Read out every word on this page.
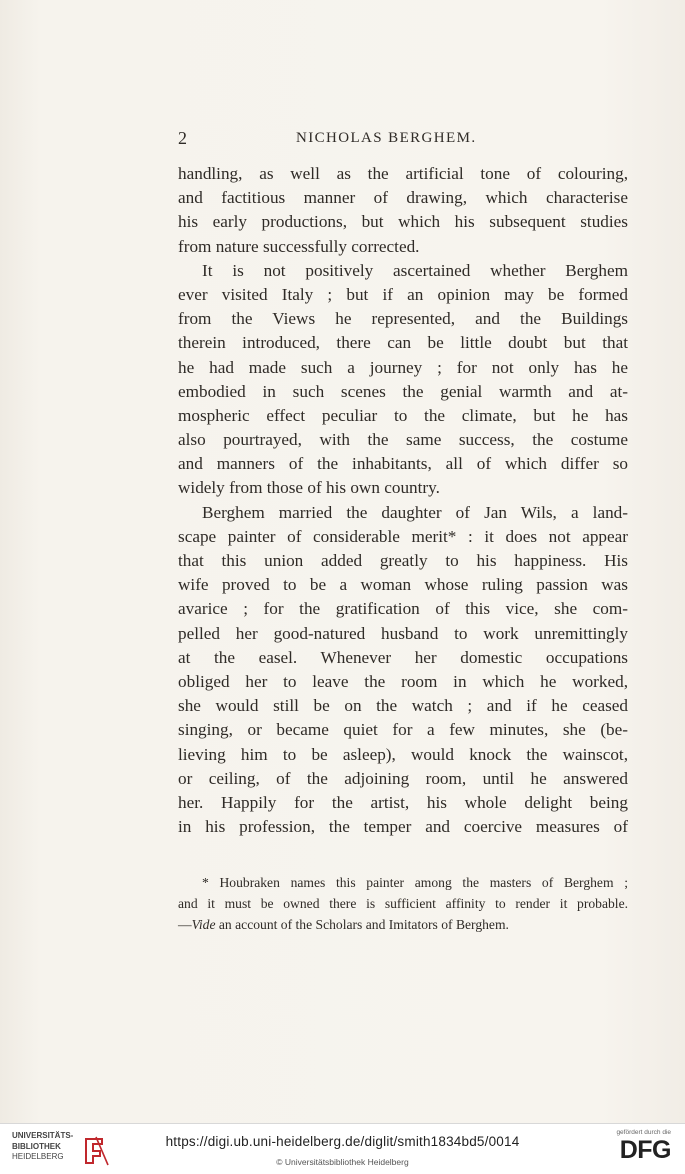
2	NICHOLAS BERGHEM.
handling, as well as the artificial tone of colouring,
and factitious manner of drawing, which characterise
his early productions, but which his subsequent studies
from nature successfully corrected.
It is not positively ascertained whether Berghem
ever visited Italy ; but if an opinion may be formed
from the Views he represented, and the Buildings
therein introduced, there can be little doubt but that
he had made such a journey ; for not only has he
embodied in such scenes the genial warmth and at-
mospheric effect peculiar to the climate, but he has
also pourtrayed, with the same success, the costume
and manners of the inhabitants, all of which differ so
widely from those of his own country.
Berghem married the daughter of Jan Wils, a land-
scape painter of considerable merit* : it does not appear
that this union added greatly to his happiness. His
wife proved to be a woman whose ruling passion was
avarice ; for the gratification of this vice, she com-
pelled her good-natured husband to work unremittingly
at the easel. Whenever her domestic occupations
obliged her to leave the room in which he worked,
she would still be on the watch ; and if he ceased
singing, or became quiet for a few minutes, she (be-
lieving him to be asleep), would knock the wainscot,
or ceiling, of the adjoining room, until he answered
her. Happily for the artist, his whole delight being
in his profession, the temper and coercive measures of
* Houbraken names this painter among the masters of Berghem ;
and it must be owned there is sufficient affinity to render it probable.
—Vide an account of the Scholars and Imitators of Berghem.
UNIVERSITÄTS-
BIBLIOTHEK
HEIDELBERG
https://digi.ub.uni-heidelberg.de/diglit/smith1834bd5/0014
© Universitätsbibliothek Heidelberg
gefördert durch die
DFG
